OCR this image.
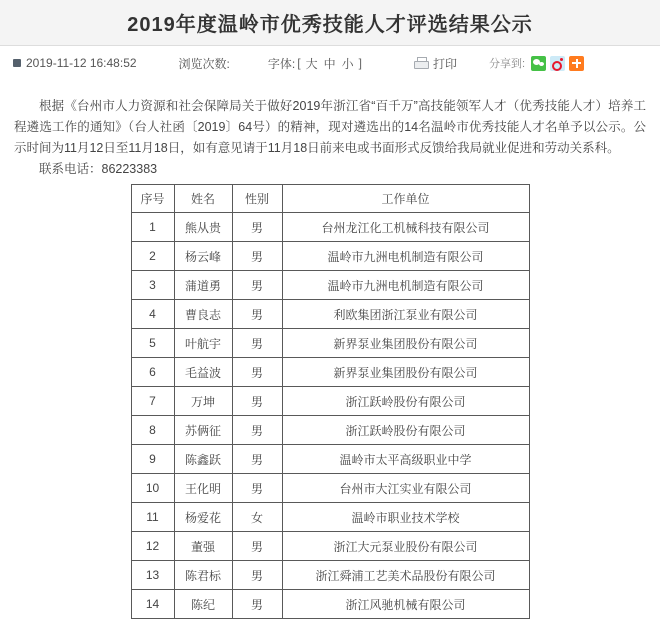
2019年度温岭市优秀技能人才评选结果公示
2019-11-12 16:48:52	浏览次数:	字体: [ 大 中 小 ]	打印	分享到:

根据《台州市人力资源和社会保障局关于做好2019年浙江省“百千万”高技能领军人才（优秀技能人才）培养工程遴选工作的通知》（台人社函〔2019〕64号）的精神，现对遴选出的14名温岭市优秀技能人才名单予以公示。公示时间为11月12日至11月18日，如有意见请于11月18日前来电或书面形式反馈给我局就业促进和劳动关系科。

联系电话：86223383
序号	姓名	性别	工作单位
1	熊从贵	男	台州龙江化工机械科技有限公司
2	杨云峰	男	温岭市九洲电机制造有限公司
3	蒲道勇	男	温岭市九洲电机制造有限公司
4	曹良志	男	利欧集团浙江泵业有限公司
5	叶航宇	男	新界泵业集团股份有限公司
6	毛益波	男	新界泵业集团股份有限公司
7	万坤	男	浙江跃岭股份有限公司
8	苏俩征	男	浙江跃岭股份有限公司
9	陈鑫跃	男	温岭市太平高级职业中学
10	王化明	男	台州市大江实业有限公司
11	杨爱花	女	温岭市职业技术学校
12	董强	男	浙江大元泵业股份有限公司
13	陈君标	男	浙江舜浦工艺美术品股份有限公司
14	陈纪	男	浙江风驰机械有限公司
